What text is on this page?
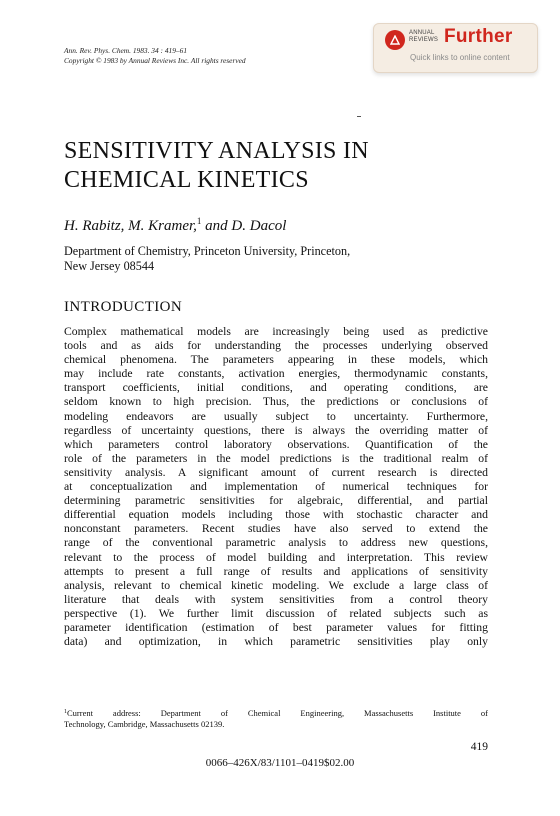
Ann. Rev. Phys. Chem. 1983. 34 : 419–61
Copyright © 1983 by Annual Reviews Inc. All rights reserved
ANNUAL
REVIEWS Further
Quick links to online content
SENSITIVITY ANALYSIS IN
CHEMICAL KINETICS
H. Rabitz, M. Kramer,$^1$ and D. Dacol
Department of Chemistry, Princeton University, Princeton,
New Jersey 08544
INTRODUCTION
Complex mathematical models are increasingly being used as predictive
tools and as aids for understanding the processes underlying observed
chemical phenomena. The parameters appearing in these models, which
may include rate constants, activation energies, thermodynamic constants,
transport coefficients, initial conditions, and operating conditions, are
seldom known to high precision. Thus, the predictions or conclusions of
modeling endeavors are usually subject to uncertainty. Furthermore,
regardless of uncertainty questions, there is always the overriding matter of
which parameters control laboratory observations. Quantification of the
role of the parameters in the model predictions is the traditional realm of
sensitivity analysis. A significant amount of current research is directed
at conceptualization and implementation of numerical techniques for
determining parametric sensitivities for algebraic, differential, and partial
differential equation models including those with stochastic character and
nonconstant parameters. Recent studies have also served to extend the
range of the conventional parametric analysis to address new questions,
relevant to the process of model building and interpretation. This review
attempts to present a full range of results and applications of sensitivity
analysis, relevant to chemical kinetic modeling. We exclude a large class of
literature that deals with system sensitivities from a control theory
perspective (1). We further limit discussion of related subjects such as
parameter identification (estimation of best parameter values for fitting
data) and optimization, in which parametric sensitivities play only
$^1$Current address: Department of Chemical Engineering, Massachusetts Institute of
Technology, Cambridge, Massachusetts 02139.
419
0066–426X/83/1101–0419$02.00
